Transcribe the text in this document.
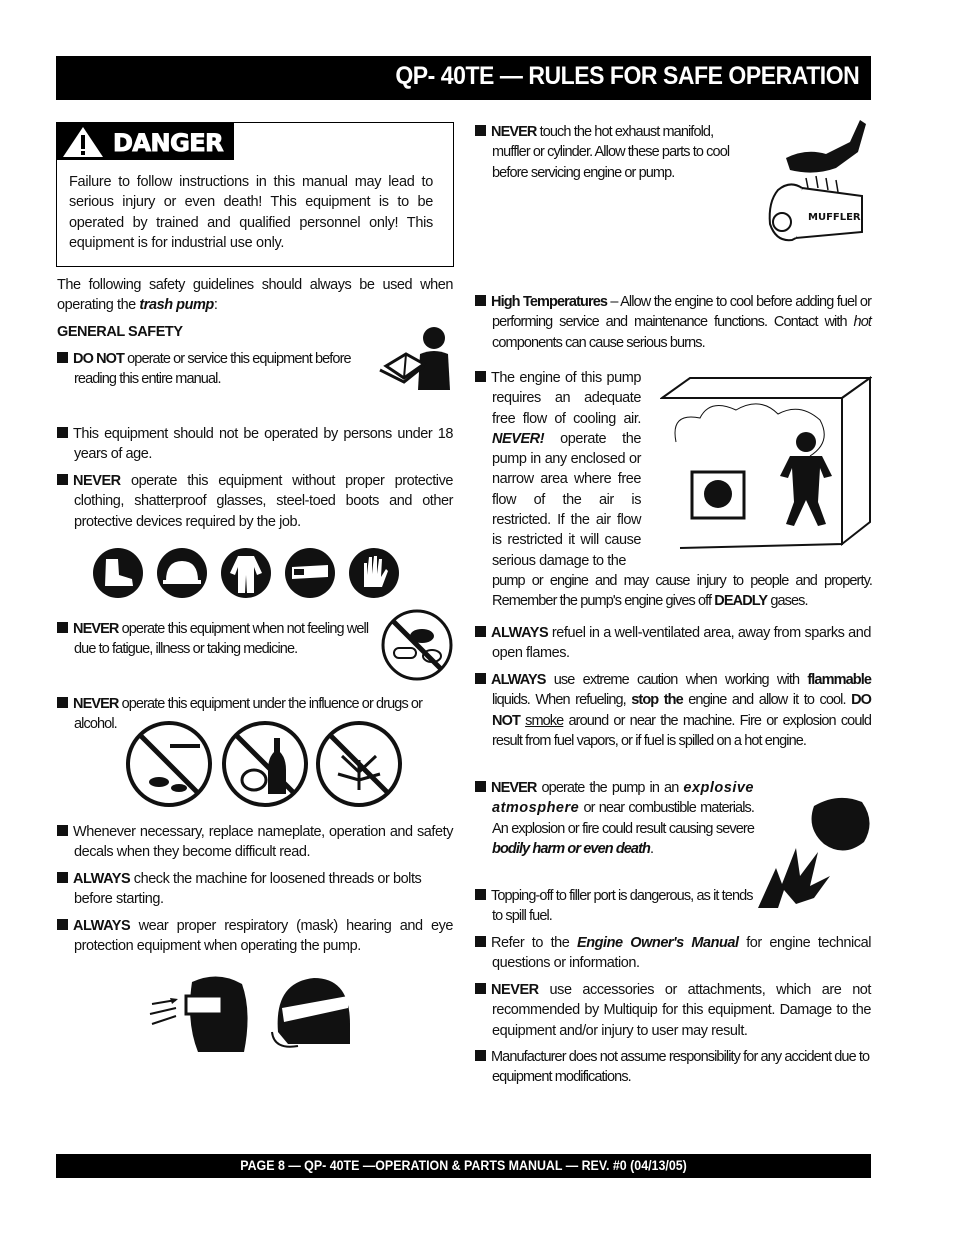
QP- 40TE — RULES FOR SAFE OPERATION
DANGER
Failure to follow instructions in this manual may lead to serious injury or even death! This equipment is to be operated by trained and qualified personnel only! This equipment is for industrial use only.
The following safety guidelines should always be used when operating the trash pump:
GENERAL SAFETY
DO NOT operate or service this equipment before reading this entire manual.
This equipment should not be operated by persons under 18 years of age.
NEVER operate this equipment without proper protective clothing, shatterproof glasses, steel-toed boots and other protective devices required by the job.
NEVER operate this equipment when not feeling well due to fatigue, illness or taking medicine.
NEVER operate this equipment under the influence or drugs or alcohol.
Whenever necessary, replace nameplate, operation and safety decals when they become difficult read.
ALWAYS check the machine for loosened threads or bolts before starting.
ALWAYS wear proper respiratory (mask) hearing and eye protection equipment when operating the pump.
NEVER touch the hot exhaust manifold, muffler or cylinder. Allow these parts to cool before servicing engine or pump.
MUFFLER
High Temperatures – Allow the engine to cool before adding fuel or performing service and maintenance functions. Contact with hot components can cause serious burns.
The engine of this pump requires an adequate free flow of cooling air. NEVER! operate the pump in any enclosed or narrow area where free flow of the air is restricted. If the air flow is restricted it will cause serious damage to the
pump or engine and may cause injury to people and property. Remember the pump's engine gives off DEADLY gases.
ALWAYS refuel in a well-ventilated area, away from sparks and open flames.
ALWAYS use extreme caution when working with flammable liquids. When refueling, stop the engine and allow it to cool. DO NOT smoke around or near the machine. Fire or explosion could result from fuel vapors, or if fuel is spilled on a hot engine.
NEVER operate the pump in an explosive atmosphere or near combustible materials. An explosion or fire could result causing severe bodily harm or even death.
Topping-off to filler port is dangerous, as it tends to spill fuel.
Refer to the Engine Owner's Manual for engine technical questions or information.
NEVER use accessories or attachments, which are not recommended by Multiquip for this equipment. Damage to the equipment and/or injury to user may result.
Manufacturer does not assume responsibility for any accident due to equipment modifications.
PAGE 8 — QP- 40TE —OPERATION & PARTS MANUAL — REV. #0 (04/13/05)
